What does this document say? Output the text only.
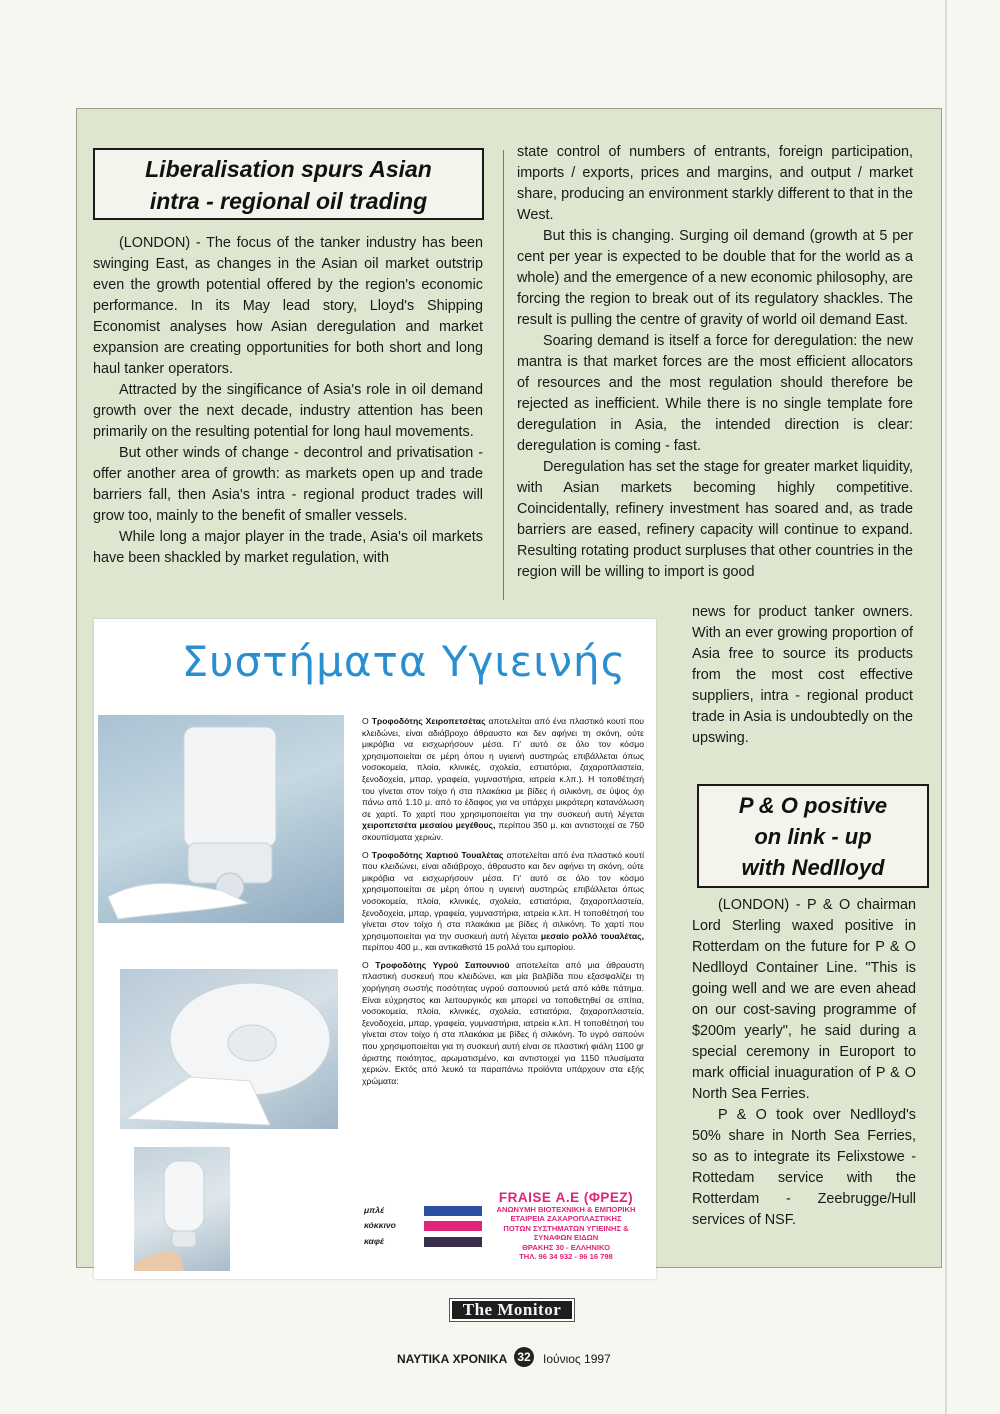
Liberalisation spurs Asian
intra - regional oil trading

(LONDON) - The focus of the tanker industry has been swinging East, as changes in the Asian oil market outstrip even the growth potential offered by the region's economic performance. In its May lead story, Lloyd's Shipping Economist analyses how Asian deregulation and market expansion are creating opportunities for both short and long haul tanker operators.

Attracted by the singificance of Asia's role in oil demand growth over the next decade, industry attention has been primarily on the resulting potential for long haul movements.

But other winds of change - decontrol and privatisation - offer another area of growth: as markets open up and trade barriers fall, then Asia's intra - regional product trades will grow too, mainly to the benefit of smaller vessels.

While long a major player in the trade, Asia's oil markets have been shackled by market regulation, with

state control of numbers of entrants, foreign participation, imports / exports, prices and margins, and output / market share, producing an environment starkly different to that in the West.

But this is changing. Surging oil demand (growth at 5 per cent per year is expected to be double that for the world as a whole) and the emergence of a new economic philosophy, are forcing the region to break out of its regulatory shackles. The result is pulling the centre of gravity of world oil demand East.

Soaring demand is itself a force for deregulation: the new mantra is that market forces are the most efficient allocators of resources and the most regulation should therefore be rejected as inefficient. While there is no single template fore deregulation in Asia, the intended direction is clear: deregulation is coming - fast.

Deregulation has set the stage for greater market liquidity, with Asian markets becoming highly competitive. Coincidentally, refinery investment has soared and, as trade barriers are eased, refinery capacity will continue to expand. Resulting rotating product surpluses that other countries in the region will be willing to import is good

news for product tanker owners. With an ever growing proportion of Asia free to source its products from the most cost effective suppliers, intra - regional product trade in Asia is undoubtedly on the upswing.

P & O positive
on link - up
with Nedlloyd

(LONDON) - P & O chairman Lord Sterling waxed positive in Rotterdam on the future for P & O Nedlloyd Container Line. "This is going well and we are even ahead on our cost-saving programme of $200m yearly", he said during a special ceremony in Europort to mark official inuaguration of P & O North Sea Ferries.

P & O took over Nedlloyd's 50% share in North Sea Ferries, so as to integrate its Felixstowe - Rottedam service with the Rotterdam - Zeebrugge/Hull services of NSF.

Συστήματα Υγιεινής

Ο Τροφοδότης Χειροπετσέτας αποτελείται από ένα πλαστικό κουτί που κλειδώνει, είναι αδιάβροχο άθραυστο και δεν αφήνει τη σκόνη, ούτε μικρόβια να εισχωρήσουν μέσα. Γι' αυτό σε όλο τον κόσμο χρησιμοποιείται σε μέρη όπου η υγιεινή αυστηρώς επιβάλλεται όπως νοσοκομεία, πλοία, κλινικές, σχολεία, εστιατόρια, ζαχαροπλαστεία, ξενοδοχεία, μπαρ, γραφεία, γυμναστήρια, ιατρεία κ.λπ.). Η τοποθέτησή του γίνεται στον τοίχο ή στα πλακάκια με βίδες ή σιλικόνη, σε ύψος όχι πάνω από 1.10 μ. από το έδαφος για να υπάρχει μικρότερη κατανάλωση σε χαρτί. Το χαρτί που χρησιμοποιείται για την συσκευή αυτή λέγεται χειροπετσέτα μεσαίου μεγέθους, περίπου 350 μ. και αντιστοιχεί σε 750 σκουπίσματα χεριών.

Ο Τροφοδότης Χαρτιού Τουαλέτας αποτελείται από ένα πλαστικό κουτί που κλειδώνει, είναι αδιάβροχο, άθραυστο και δεν αφήνει τη σκόνη, ούτε μικρόβια να εισχωρήσουν μέσα. Γι' αυτό σε όλο τον κόσμο χρησιμοποιείται σε μέρη όπου η υγιεινή αυστηρώς επιβάλλεται όπως νοσοκομεία, πλοία, κλινικές, σχολεία, εστιατόρια, ζαχαροπλαστεία, ξενοδοχεία, μπαρ, γραφεία, γυμναστήρια, ιατρεία κ.λπ. Η τοποθέτησή του γίνεται στον τοίχο ή στα πλακάκια με βίδες ή σιλικόνη. Το χαρτί που χρησιμοποιείται για την συσκευή αυτή λέγεται μεσαίο ρολλό τουαλέτας, περίπου 400 μ., και αντικαθιστά 15 ρολλά του εμπορίου.

Ο Τροφοδότης Υγρού Σαπουνιού αποτελείται από μια άθραυστη πλαστική συσκευή που κλειδώνει, και μία βαλβίδα που εξασφαλίζει τη χορήγηση σωστής ποσότητας υγρού σαπουνιού μετά από κάθε πάτημα. Είναι εύχρηστος και λειτουργικός και μπορεί να τοποθετηθεί σε σπίτια, νοσοκομεία, πλοία, κλινικές, σχολεία, εστιατόρια, ζαχαροπλαστεία, ξενοδοχεία, μπαρ, γραφεία, γυμναστήρια, ιατρεία κ.λπ. Η τοποθέτησή του γίνεται στον τοίχο ή στα πλακάκια με βίδες ή σιλικόνη. Το υγρό σαπούνι που χρησιμοποιείται για τη συσκευή αυτή είναι σε πλαστική φιάλη 1100 gr άριστης ποιότητος, αρωματισμένο, και αντιστοιχεί για 1150 πλυσίματα χεριών. Εκτός από λευκό τα παραπάνω προϊόντα υπάρχουν στα εξής χρώματα:

μπλέ
κόκκινο
καφέ
FRAISE Α.Ε (ΦΡΕΖ)
ΑΝΩΝΥΜΗ ΒΙΟΤΕΧΝΙΚΗ & ΕΜΠΟΡΙΚΗ
ΕΤΑΙΡΕΙΑ ΖΑΧΑΡΟΠΛΑΣΤΙΚΗΣ
ΠΟΤΩΝ ΣΥΣΤΗΜΑΤΩΝ ΥΓΙΕΙΝΗΣ &
ΣΥΝΑΦΩΝ ΕΙΔΩΝ
ΘΡΑΚΗΣ 30 - ΕΛΛΗΝΙΚΟ
ΤΗΛ. 96 34 932 - 96 16 798
The Monitor
ΝΑΥΤΙΚΑ ΧΡΟΝΙΚΑ 32 Ιούνιος 1997
